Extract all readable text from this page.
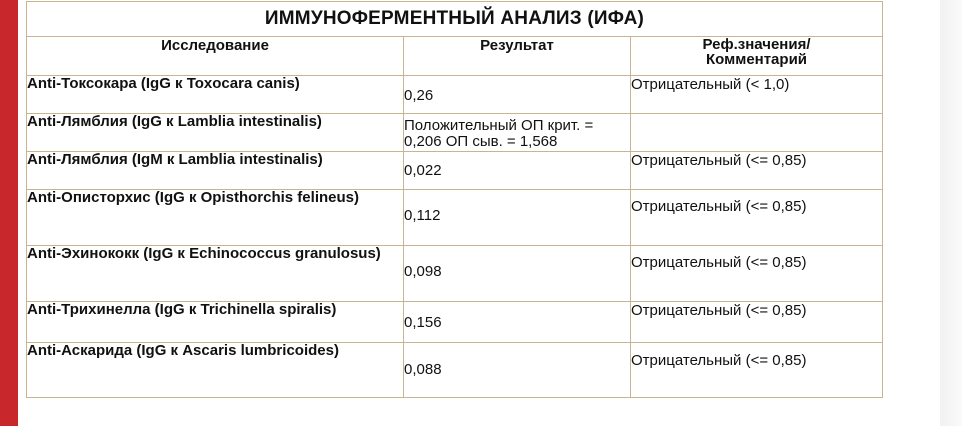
ИММУНОФЕРМЕНТНЫЙ АНАЛИЗ (ИФА)		
Исследование	Результат	Реф.значения/
Комментарий
Anti-Токсокара (IgG к Toxocara canis)	0,26	Отрицательный (< 1,0)
Anti-Лямблия (IgG к Lamblia intestinalis)	Положительный ОП крит. = 0,206 ОП сыв. = 1,568	

Anti-Лямблия (IgM к Lamblia intestinalis)	0,022	Отрицательный (<= 0,85)
Anti-Описторхис (IgG к Opisthorchis felineus)	0,112	Отрицательный (<= 0,85)

Anti-Эхинококк (IgG к Echinococcus granulosus)	0,098	Отрицательный (<= 0,85)

Anti-Трихинелла (IgG к Trichinella spiralis)	0,156	Отрицательный (<= 0,85)
Anti-Аскарида (IgG к Ascaris lumbricoides)	0,088	Отрицательный (<= 0,85)
